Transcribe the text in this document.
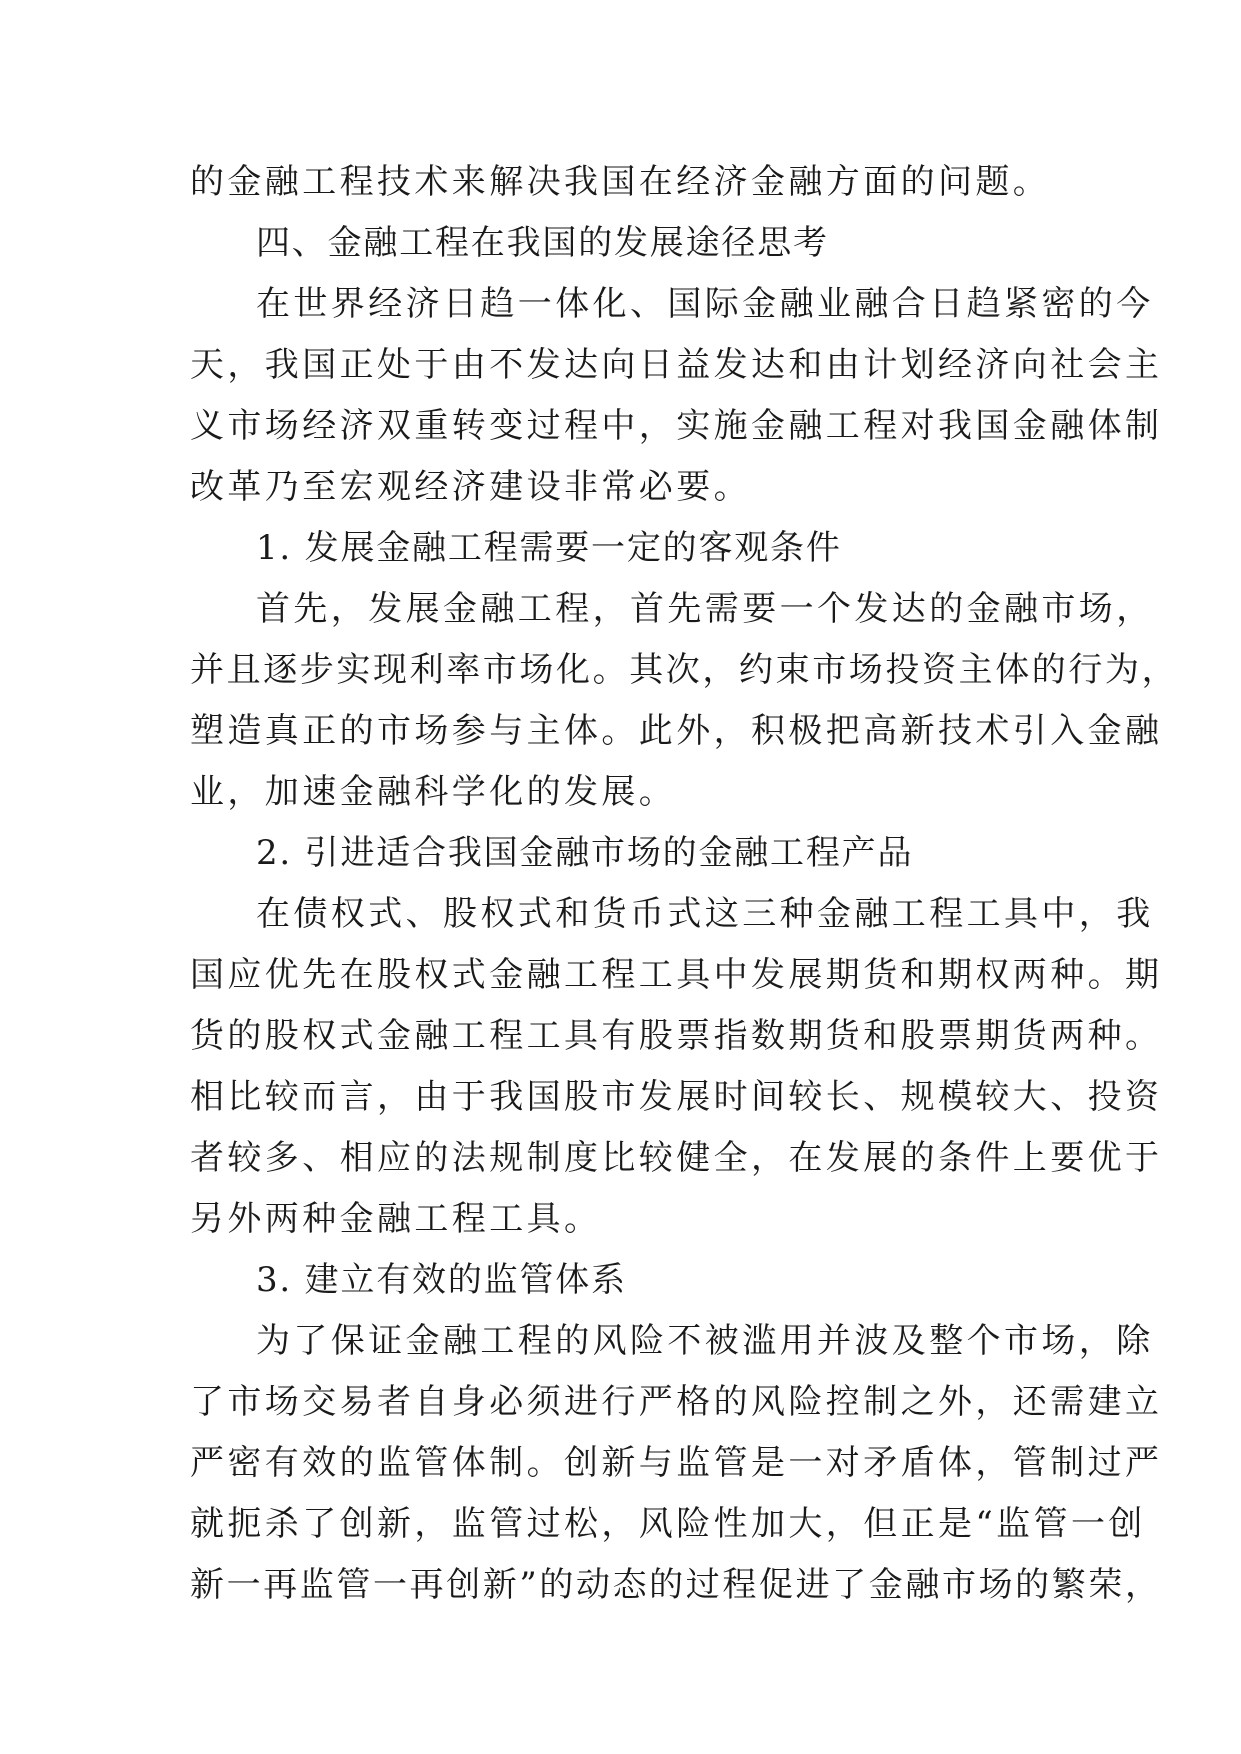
的金融工程技术来解决我国在经济金融方面的问题。
四、金融工程在我国的发展途径思考
在世界经济日趋一体化、国际金融业融合日趋紧密的今
天，我国正处于由不发达向日益发达和由计划经济向社会主
义市场经济双重转变过程中，实施金融工程对我国金融体制
改革乃至宏观经济建设非常必要。
1. 发展金融工程需要一定的客观条件
首先，发展金融工程，首先需要一个发达的金融市场，
并且逐步实现利率市场化。其次，约束市场投资主体的行为，
塑造真正的市场参与主体。此外，积极把高新技术引入金融
业，加速金融科学化的发展。
2. 引进适合我国金融市场的金融工程产品
在债权式、股权式和货币式这三种金融工程工具中，我
国应优先在股权式金融工程工具中发展期货和期权两种。期
货的股权式金融工程工具有股票指数期货和股票期货两种。
相比较而言，由于我国股市发展时间较长、规模较大、投资
者较多、相应的法规制度比较健全，在发展的条件上要优于
另外两种金融工程工具。
3. 建立有效的监管体系
为了保证金融工程的风险不被滥用并波及整个市场，除
了市场交易者自身必须进行严格的风险控制之外，还需建立
严密有效的监管体制。创新与监管是一对矛盾体，管制过严
就扼杀了创新，监管过松，风险性加大，但正是“监管一创
新一再监管一再创新”的动态的过程促进了金融市场的繁荣，
